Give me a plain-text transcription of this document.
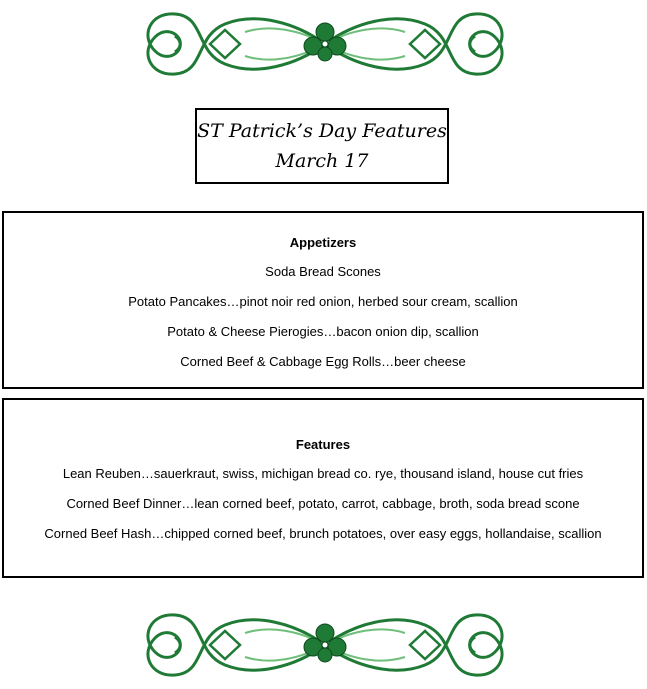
ST Patrick’s Day Features
March 17
Appetizers
Soda Bread Scones
Potato Pancakes…pinot noir red onion, herbed sour cream, scallion
Potato & Cheese Pierogies…bacon onion dip, scallion
Corned Beef & Cabbage Egg Rolls…beer cheese
Features
Lean Reuben…sauerkraut, swiss, michigan bread co. rye, thousand island, house cut fries
Corned Beef Dinner…lean corned beef, potato, carrot, cabbage, broth, soda bread scone
Corned Beef Hash…chipped corned beef, brunch potatoes, over easy eggs, hollandaise, scallion
